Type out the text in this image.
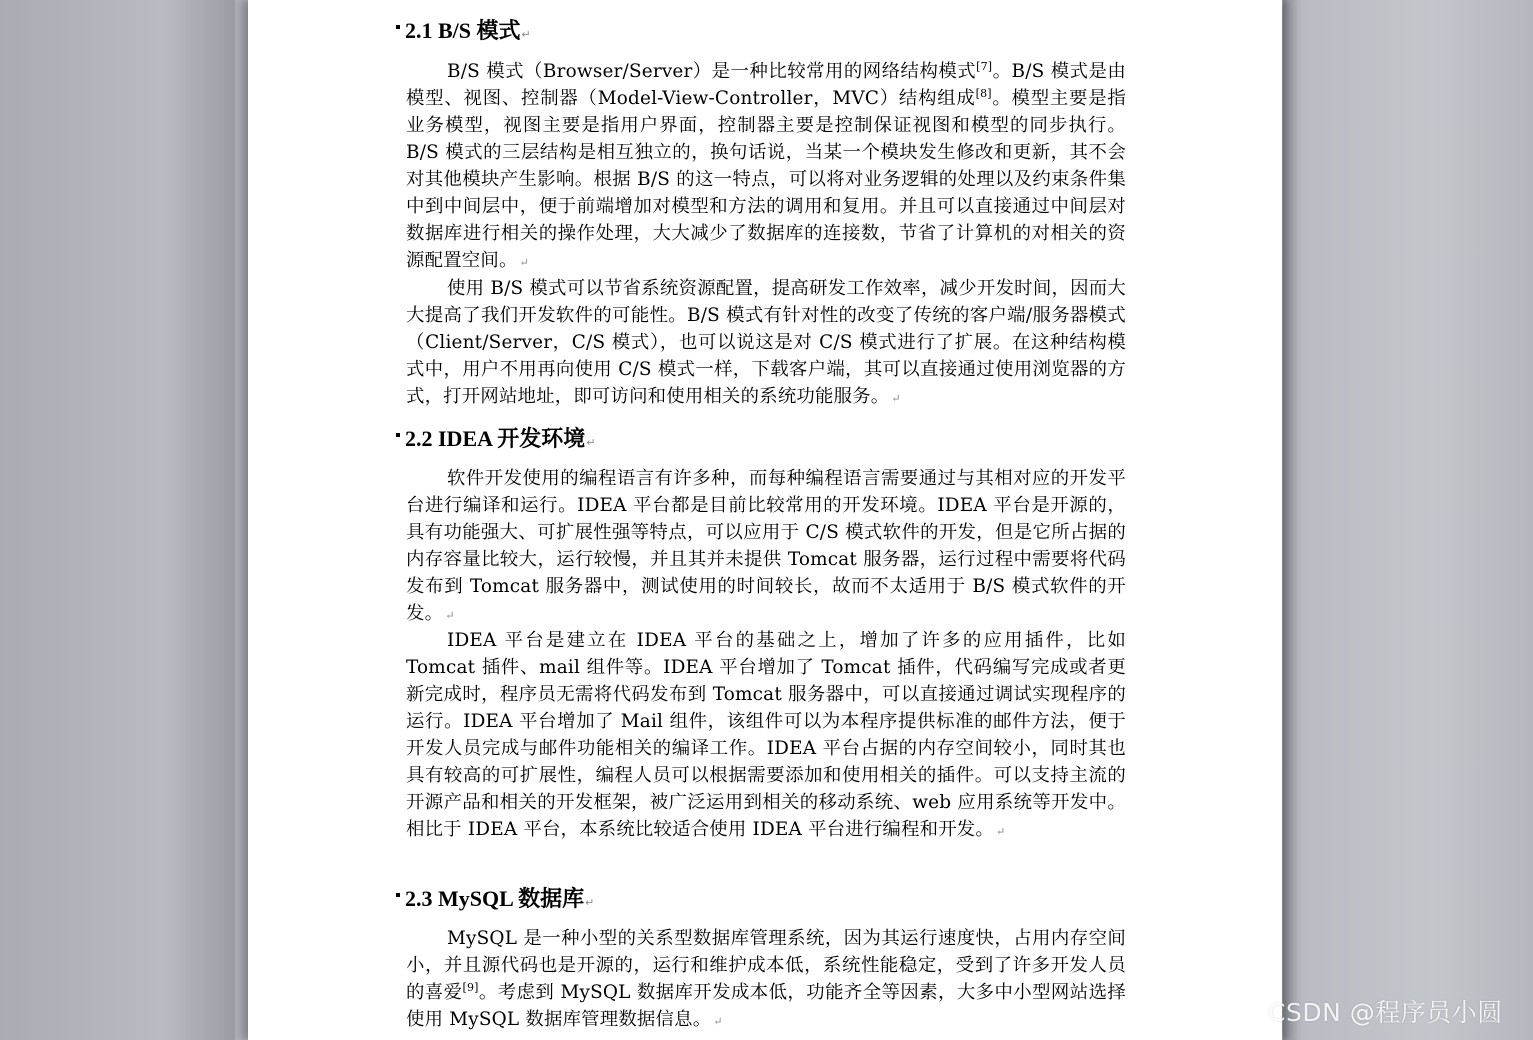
2.1 B/S 模式↵

B/S 模式（Browser/Server）是一种比较常用的网络结构模式[7]。B/S 模式是由模型、视图、控制器（Model-View-Controller，MVC）结构组成[8]。模型主要是指业务模型，视图主要是指用户界面，控制器主要是控制保证视图和模型的同步执行。B/S 模式的三层结构是相互独立的，换句话说，当某一个模块发生修改和更新，其不会对其他模块产生影响。根据 B/S 的这一特点，可以将对业务逻辑的处理以及约束条件集中到中间层中，便于前端增加对模型和方法的调用和复用。并且可以直接通过中间层对数据库进行相关的操作处理，大大减少了数据库的连接数，节省了计算机的对相关的资源配置空间。 ↵

使用 B/S 模式可以节省系统资源配置，提高研发工作效率，减少开发时间，因而大大提高了我们开发软件的可能性。B/S 模式有针对性的改变了传统的客户端/服务器模式（Client/Server，C/S 模式），也可以说这是对 C/S 模式进行了扩展。在这种结构模式中，用户不用再向使用 C/S 模式一样，下载客户端，其可以直接通过使用浏览器的方式，打开网站地址，即可访问和使用相关的系统功能服务。 ↵

2.2 IDEA 开发环境↵

软件开发使用的编程语言有许多种，而每种编程语言需要通过与其相对应的开发平台进行编译和运行。IDEA 平台都是目前比较常用的开发环境。IDEA 平台是开源的，具有功能强大、可扩展性强等特点，可以应用于 C/S 模式软件的开发，但是它所占据的内存容量比较大，运行较慢，并且其并未提供 Tomcat 服务器，运行过程中需要将代码发布到 Tomcat 服务器中，测试使用的时间较长，故而不太适用于 B/S 模式软件的开发。 ↵

IDEA 平台是建立在 IDEA 平台的基础之上，增加了许多的应用插件，比如 Tomcat 插件、mail 组件等。IDEA 平台增加了 Tomcat 插件，代码编写完成或者更新完成时，程序员无需将代码发布到 Tomcat 服务器中，可以直接通过调试实现程序的运行。IDEA 平台增加了 Mail 组件，该组件可以为本程序提供标准的邮件方法，便于开发人员完成与邮件功能相关的编译工作。IDEA 平台占据的内存空间较小，同时其也具有较高的可扩展性，编程人员可以根据需要添加和使用相关的插件。可以支持主流的开源产品和相关的开发框架，被广泛运用到相关的移动系统、web 应用系统等开发中。相比于 IDEA 平台，本系统比较适合使用 IDEA 平台进行编程和开发。 ↵

2.3 MySQL 数据库↵

MySQL 是一种小型的关系型数据库管理系统，因为其运行速度快，占用内存空间小，并且源代码也是开源的，运行和维护成本低，系统性能稳定，受到了许多开发人员的喜爱[9]。考虑到 MySQL 数据库开发成本低，功能齐全等因素，大多中小型网站选择使用 MySQL 数据库管理数据信息。 ↵	CSDN @程序员小圆
